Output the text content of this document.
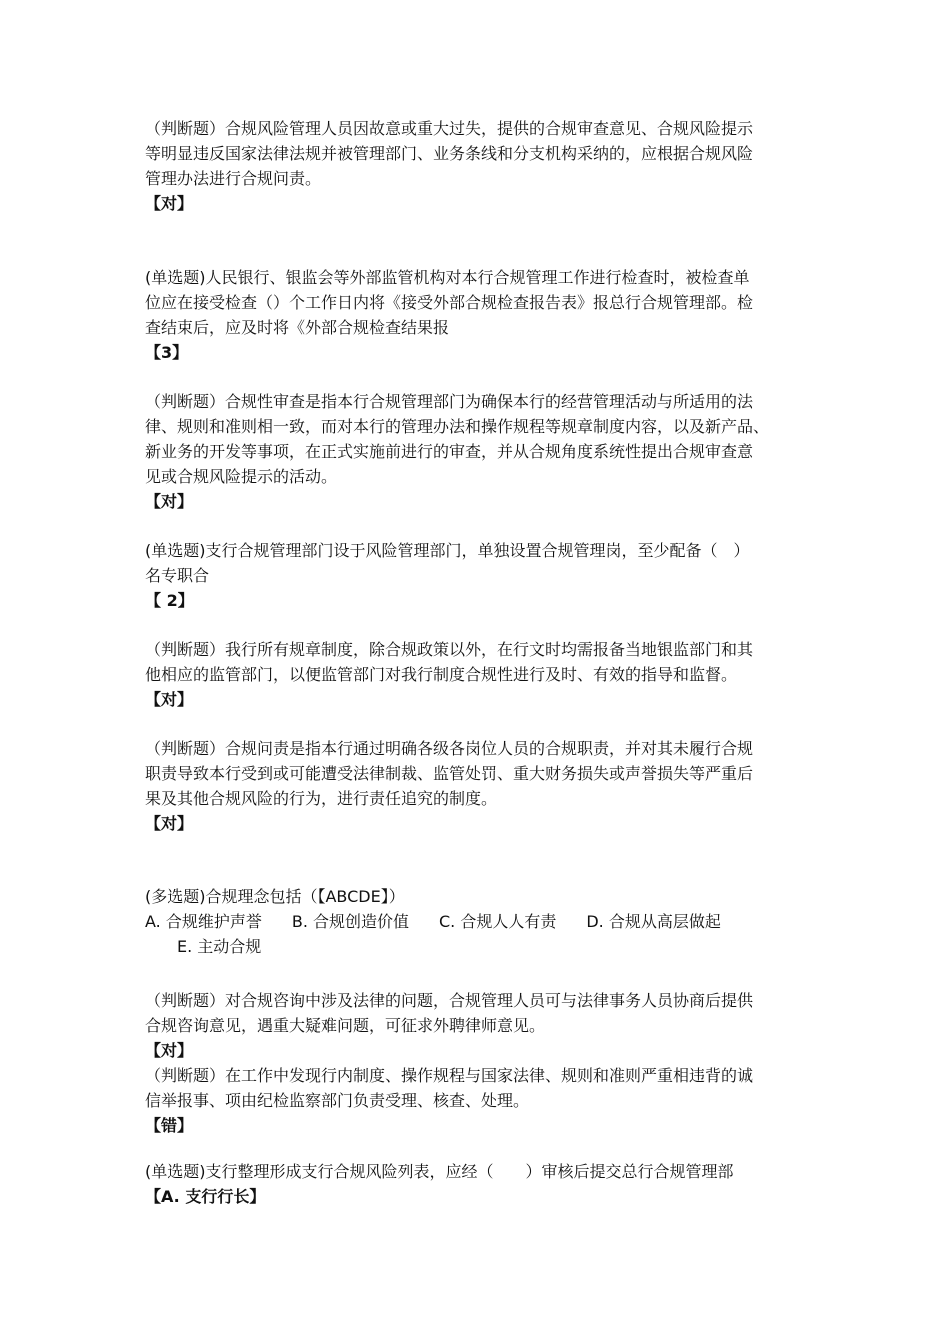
（判断题）合规风险管理人员因故意或重大过失，提供的合规审查意见、合规风险提示
等明显违反国家法律法规并被管理部门、业务条线和分支机构采纳的，应根据合规风险
管理办法进行合规问责。
【对】
(单选题)人民银行、银监会等外部监管机构对本行合规管理工作进行检查时，被检查单
位应在接受检查（）个工作日内将《接受外部合规检查报告表》报总行合规管理部。检
查结束后，应及时将《外部合规检查结果报
【3】
（判断题）合规性审查是指本行合规管理部门为确保本行的经营管理活动与所适用的法
律、规则和准则相一致，而对本行的管理办法和操作规程等规章制度内容，以及新产品、
新业务的开发等事项，在正式实施前进行的审查，并从合规角度系统性提出合规审查意
见或合规风险提示的活动。
【对】
(单选题)支行合规管理部门设于风险管理部门，单独设置合规管理岗，至少配备（　）
名专职合
【 2】
（判断题）我行所有规章制度，除合规政策以外，在行文时均需报备当地银监部门和其
他相应的监管部门，以便监管部门对我行制度合规性进行及时、有效的指导和监督。
【对】
（判断题）合规问责是指本行通过明确各级各岗位人员的合规职责，并对其未履行合规
职责导致本行受到或可能遭受法律制裁、监管处罚、重大财务损失或声誉损失等严重后
果及其他合规风险的行为，进行责任追究的制度。
【对】
(多选题)合规理念包括（【ABCDE】）
A. 合规维护声誉 B. 合规创造价值 C. 合规人人有责 D. 合规从高层做起
E. 主动合规
（判断题）对合规咨询中涉及法律的问题，合规管理人员可与法律事务人员协商后提供
合规咨询意见，遇重大疑难问题，可征求外聘律师意见。
【对】
（判断题）在工作中发现行内制度、操作规程与国家法律、规则和准则严重相违背的诚
信举报事、项由纪检监察部门负责受理、核查、处理。
【错】
(单选题)支行整理形成支行合规风险列表，应经（　　）审核后提交总行合规管理部
【A. 支行行长】
